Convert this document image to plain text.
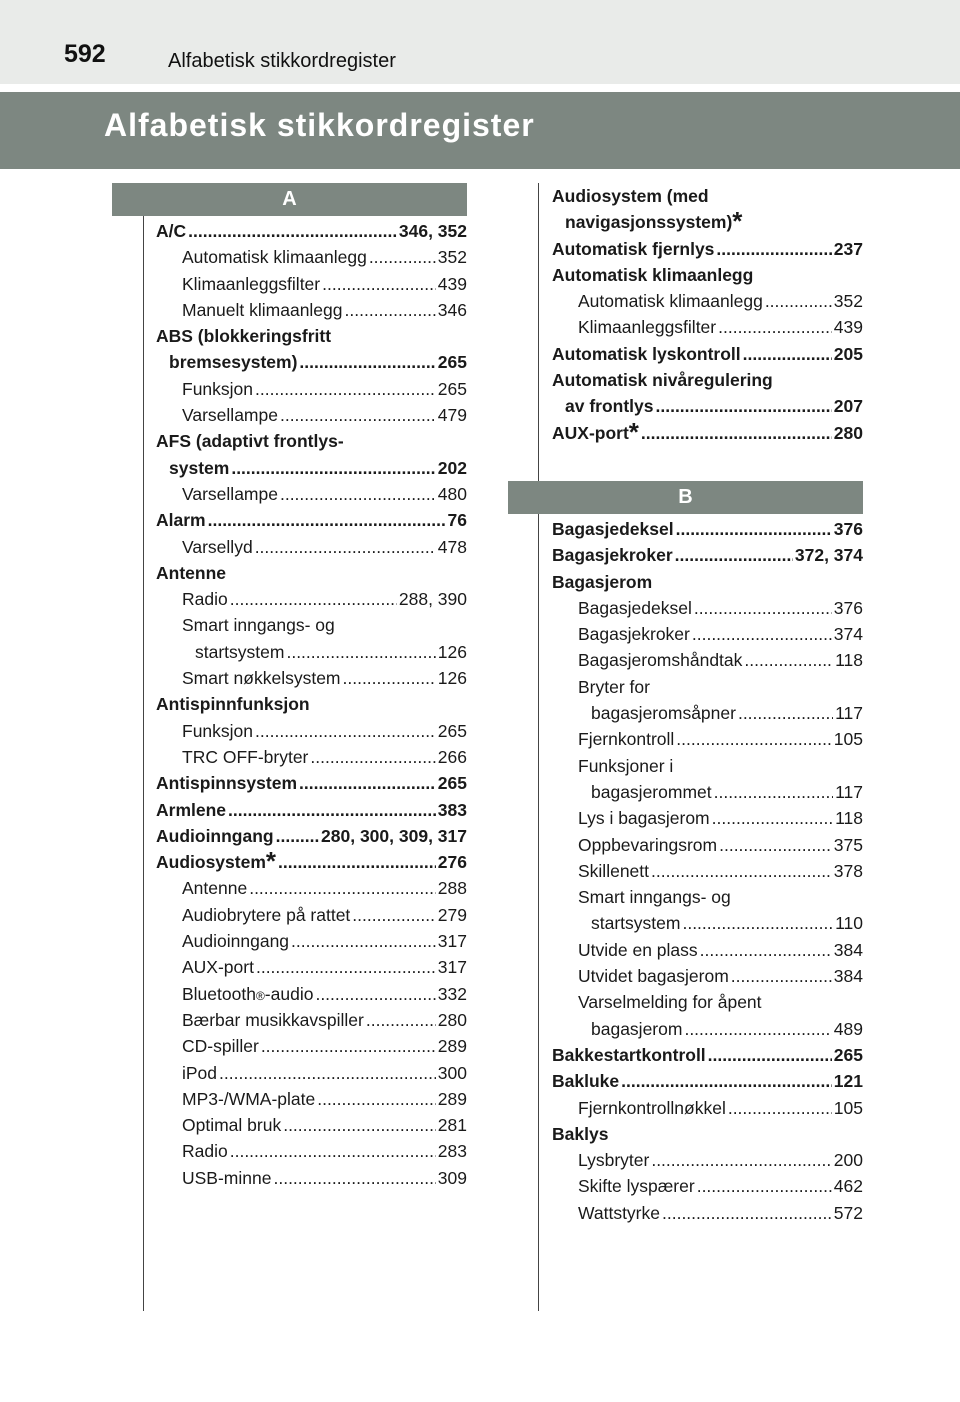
592	Alfabetisk stikkordregister
Alfabetisk stikkordregister
A
A/C .....	346, 352
Automatisk klimaanlegg .....	352
Klimaanleggsfilter .....	439
Manuelt klimaanlegg .....	346
ABS (blokkeringsfritt
bremsesystem) .....	265
Funksjon .....	265
Varsellampe .....	479
AFS (adaptivt frontlys-
system .....	202
Varsellampe .....	480
Alarm .....	76
Varsellyd .....	478
Antenne
Radio .....	288, 390
Smart inngangs- og
startsystem .....	126
Smart nøkkelsystem .....	126
Antispinnfunksjon
Funksjon .....	265
TRC OFF-bryter .....	266
Antispinnsystem .....	265
Armlene .....	383
Audioinngang .....	280, 300, 309, 317
Audiosystem * .....	276
Antenne .....	288
Audiobrytere på rattet .....	279
Audioinngang .....	317
AUX-port .....	317
Bluetooth ® -audio .....	332
Bærbar musikkavspiller .....	280
CD-spiller .....	289
iPod .....	300
MP3-/WMA-plate .....	289
Optimal bruk .....	281
Radio .....	283
USB-minne .....	309
Audiosystem (med
navigasjonssystem) *
Automatisk fjernlys .....	237
Automatisk klimaanlegg
Automatisk klimaanlegg .....	352
Klimaanleggsfilter .....	439
Automatisk lyskontroll .....	205
Automatisk nivåregulering
av frontlys .....	207
AUX-port * .....	280
B
Bagasjedeksel .....	376
Bagasjekroker .....	372, 374
Bagasjerom
Bagasjedeksel .....	376
Bagasjekroker .....	374
Bagasjeromshåndtak .....	118
Bryter for
bagasjeromsåpner .....	117
Fjernkontroll .....	105
Funksjoner i
bagasjerommet .....	117
Lys i bagasjerom .....	118
Oppbevaringsrom .....	375
Skillenett .....	378
Smart inngangs- og
startsystem .....	110
Utvide en plass .....	384
Utvidet bagasjerom .....	384
Varselmelding for åpent
bagasjerom .....	489
Bakkestartkontroll .....	265
Bakluke .....	121
Fjernkontrollnøkkel .....	105
Baklys
Lysbryter .....	200
Skifte lyspærer .....	462
Wattstyrke .....	572
